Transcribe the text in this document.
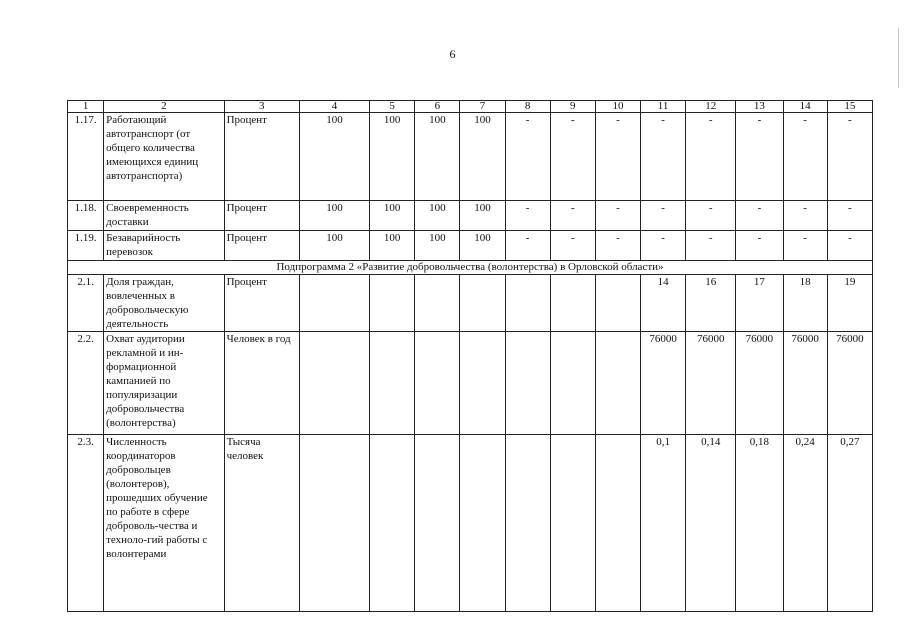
6
1	2	3	4	5	6	7	8	9	10	11	12	13	14	15
1.17.	Работающий автотранспорт (от общего количества имеющихся единиц автотранспорта)	Процент	100	100	100	100	-	-	-	-	-	-	-	-
1.18.	Своевременность доставки	Процент	100	100	100	100	-	-	-	-	-	-	-	-
1.19.	Безаварийность перевозок	Процент	100	100	100	100	-	-	-	-	-	-	-	-
Подпрограмма 2 «Развитие добровольчества (волонтерства) в Орловской области»														
2.1.	Доля граждан, вовлеченных в добровольческую деятельность	Процент								14	16	17	18	19
2.2.	Охват аудитории рекламной и ин-формационной кампанией по популяризации добровольчества (волонтерства)	Человек в год								76000	76000	76000	76000	76000
2.3.	Численность координаторов добровольцев (волонтеров), прошедших обучение по работе в сфере доброволь-чества и техноло-гий работы с волонтерами	Тысяча человек								0,1	0,14	0,18	0,24	0,27
